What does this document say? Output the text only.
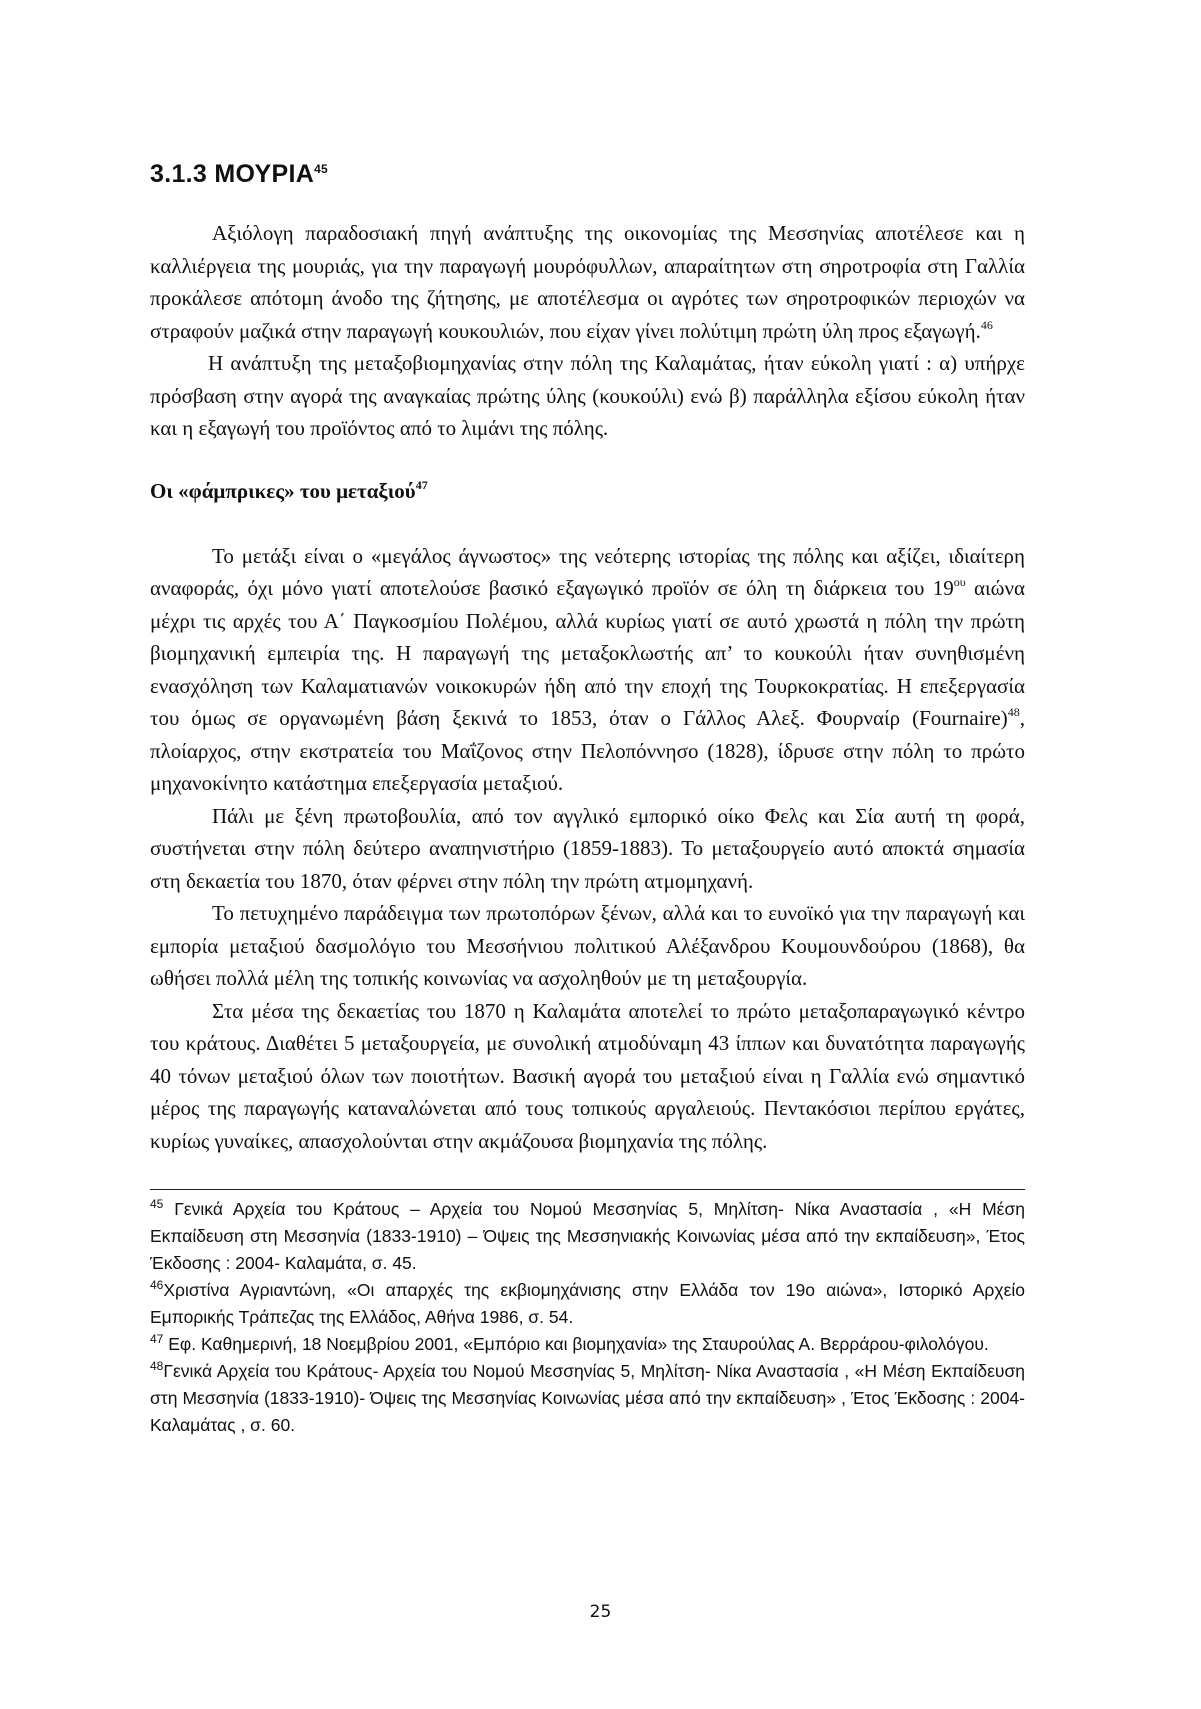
3.1.3 ΜΟΥΡΙΑ$^{45}$

Αξιόλογη παραδοσιακή πηγή ανάπτυξης της οικονομίας της Μεσσηνίας αποτέλεσε και η καλλιέργεια της μουριάς, για την παραγωγή μουρόφυλλων, απαραίτητων στη σηροτροφία στη Γαλλία προκάλεσε απότομη άνοδο της ζήτησης, με αποτέλεσμα οι αγρότες των σηροτροφικών περιοχών να στραφούν μαζικά στην παραγωγή κουκουλιών, που είχαν γίνει πολύτιμη πρώτη ύλη προς εξαγωγή.$^{46}$

Η ανάπτυξη της μεταξοβιομηχανίας στην πόλη της Καλαμάτας, ήταν εύκολη γιατί : α) υπήρχε πρόσβαση στην αγορά της αναγκαίας πρώτης ύλης (κουκούλι) ενώ β) παράλληλα εξίσου εύκολη ήταν και η εξαγωγή του προϊόντος από το λιμάνι της πόλης.

Οι «φάμπρικες» του μεταξιού$^{47}$

Το μετάξι είναι ο «μεγάλος άγνωστος» της νεότερης ιστορίας της πόλης και αξίζει, ιδιαίτερη αναφοράς, όχι μόνο γιατί αποτελούσε βασικό εξαγωγικό προϊόν σε όλη τη διάρκεια του $19^{o\upsilon}$ αιώνα μέχρι τις αρχές του Α΄ Παγκοσμίου Πολέμου, αλλά κυρίως γιατί σε αυτό χρωστά η πόλη την πρώτη βιομηχανική εμπειρία της. Η παραγωγή της μεταξοκλωστής απ’ το κουκούλι ήταν συνηθισμένη ενασχόληση των Καλαματιανών νοικοκυρών ήδη από την εποχή της Τουρκοκρατίας. Η επεξεργασία του όμως σε οργανωμένη βάση ξεκινά το 1853, όταν ο Γάλλος Αλεξ. Φουρναίρ (Fournaire)$^{48}$, πλοίαρχος, στην εκστρατεία του Μαΐζονος στην Πελοπόννησο (1828), ίδρυσε στην πόλη το πρώτο μηχανοκίνητο κατάστημα επεξεργασία μεταξιού.

Πάλι με ξένη πρωτοβουλία, από τον αγγλικό εμπορικό οίκο Φελς και Σία αυτή τη φορά, συστήνεται στην πόλη δεύτερο αναπηνιστήριο (1859-1883). Το μεταξουργείο αυτό αποκτά σημασία στη δεκαετία του 1870, όταν φέρνει στην πόλη την πρώτη ατμομηχανή.

Το πετυχημένο παράδειγμα των πρωτοπόρων ξένων, αλλά και το ευνοϊκό για την παραγωγή και εμπορία μεταξιού δασμολόγιο του Μεσσήνιου πολιτικού Αλέξανδρου Κουμουνδούρου (1868), θα ωθήσει πολλά μέλη της τοπικής κοινωνίας να ασχοληθούν με τη μεταξουργία.

Στα μέσα της δεκαετίας του 1870 η Καλαμάτα αποτελεί το πρώτο μεταξοπαραγωγικό κέντρο του κράτους. Διαθέτει 5 μεταξουργεία, με συνολική ατμοδύναμη 43 ίππων και δυνατότητα παραγωγής 40 τόνων μεταξιού όλων των ποιοτήτων. Βασική αγορά του μεταξιού είναι η Γαλλία ενώ σημαντικό μέρος της παραγωγής καταναλώνεται από τους τοπικούς αργαλειούς. Πεντακόσιοι περίπου εργάτες, κυρίως γυναίκες, απασχολούνται στην ακμάζουσα βιομηχανία της πόλης.

$^{45}$ Γενικά Αρχεία του Κράτους – Αρχεία του Νομού Μεσσηνίας 5, Μηλίτση- Νίκα Αναστασία , «Η Μέση Εκπαίδευση στη Μεσσηνία (1833-1910) – Όψεις της Μεσσηνιακής Κοινωνίας μέσα από την εκπαίδευση», Έτος Έκδοσης : 2004- Καλαμάτα, σ. 45.

$^{46}$Χριστίνα Αγριαντώνη, «Οι απαρχές της εκβιομηχάνισης στην Ελλάδα τον 19ο αιώνα», Ιστορικό Αρχείο Εμπορικής Τράπεζας της Ελλάδος, Αθήνα 1986, σ. 54.

$^{47}$ Εφ. Καθημερινή, 18 Νοεμβρίου 2001, «Εμπόριο και βιομηχανία» της Σταυρούλας Α. Βερράρου-φιλολόγου.

$^{48}$Γενικά Αρχεία του Κράτους- Αρχεία του Νομού Μεσσηνίας 5, Μηλίτση- Νίκα Αναστασία , «Η Μέση Εκπαίδευση στη Μεσσηνία (1833-1910)- Όψεις της Μεσσηνίας Κοινωνίας μέσα από την εκπαίδευση» , Έτος Έκδοσης : 2004- Καλαμάτας , σ. 60.

25
